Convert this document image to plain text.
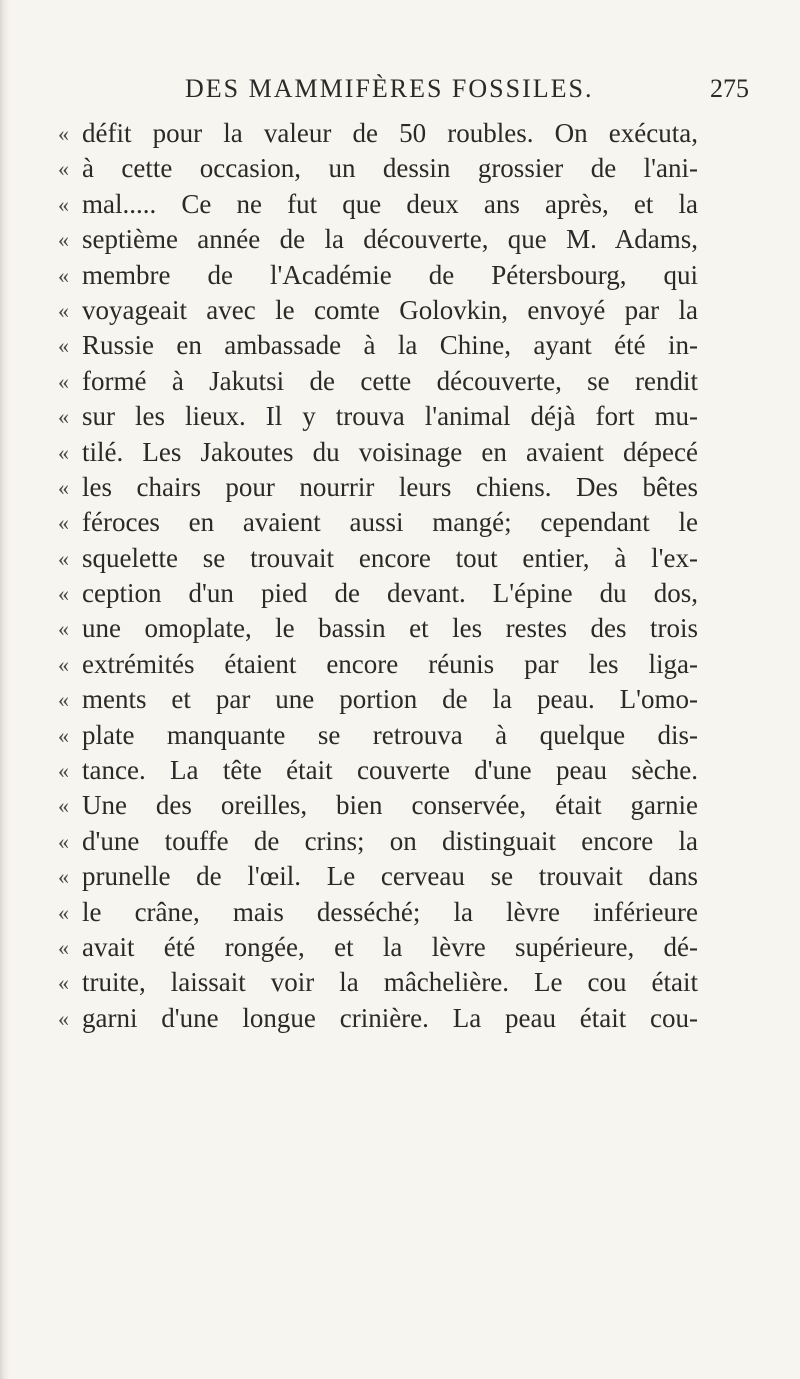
DES MAMMIFÈRES FOSSILES.	275
« défit pour la valeur de 50 roubles. On exécuta,
« à cette occasion, un dessin grossier de l'ani-
« mal..... Ce ne fut que deux ans après, et la
« septième année de la découverte, que M. Adams,
« membre de l'Académie de Pétersbourg, qui
« voyageait avec le comte Golovkin, envoyé par la
« Russie en ambassade à la Chine, ayant été in-
« formé à Jakutsi de cette découverte, se rendit
« sur les lieux. Il y trouva l'animal déjà fort mu-
« tilé. Les Jakoutes du voisinage en avaient dépecé
« les chairs pour nourrir leurs chiens. Des bêtes
« féroces en avaient aussi mangé; cependant le
« squelette se trouvait encore tout entier, à l'ex-
« ception d'un pied de devant. L'épine du dos,
« une omoplate, le bassin et les restes des trois
« extrémités étaient encore réunis par les liga-
« ments et par une portion de la peau. L'omo-
« plate manquante se retrouva à quelque dis-
« tance. La tête était couverte d'une peau sèche.
« Une des oreilles, bien conservée, était garnie
« d'une touffe de crins; on distinguait encore la
« prunelle de l'œil. Le cerveau se trouvait dans
« le crâne, mais desséché; la lèvre inférieure
« avait été rongée, et la lèvre supérieure, dé-
« truite, laissait voir la mâchelière. Le cou était
« garni d'une longue crinière. La peau était cou-
